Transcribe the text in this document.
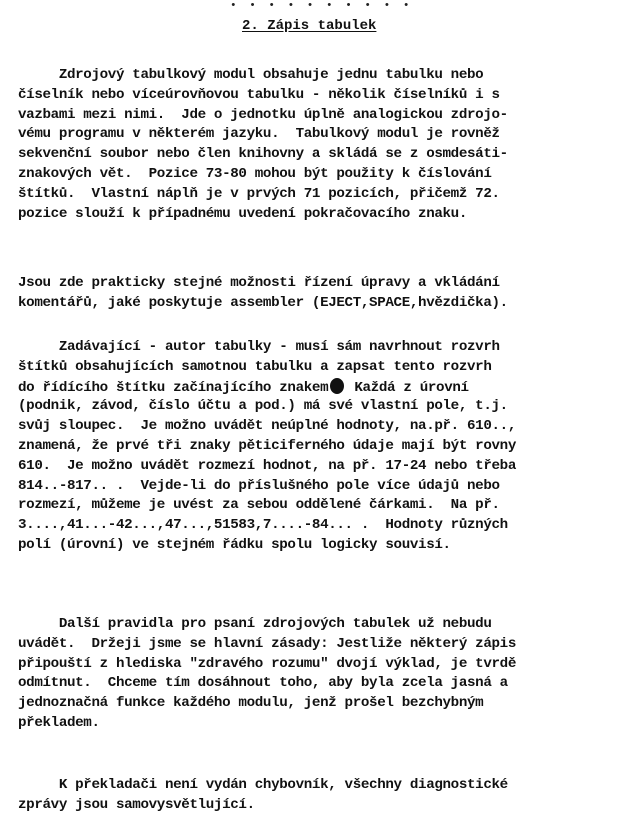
• • • • • • • • • •
2. Zápis tabulek
Zdrojový tabulkový modul obsahuje jednu tabulku nebo
číselník nebo víceúrovňovou tabulku - několik číselníků i s
vazbami mezi nimi.  Jde o jednotku úplně analogickou zdrojo-
vému programu v některém jazyku.  Tabulkový modul je rovněž
sekvenční soubor nebo člen knihovny a skládá se z osmdesáti-
znakových vět.  Pozice 73-80 mohou být použity k číslování
štítků.  Vlastní náplň je v prvých 71 pozicích, přičemž 72.
pozice slouží k případnému uvedení pokračovacího znaku.
Jsou zde prakticky stejné možnosti řízení úpravy a vkládání
komentářů, jaké poskytuje assembler (EJECT,SPACE,hvězdička).
Zadávající - autor tabulky - musí sám navrhnout rozvrh
štítků obsahujících samotnou tabulku a zapsat tento rozvrh
do řídícího štítku začínajícího znakem Každá z úrovní
(podnik, závod, číslo účtu a pod.) má své vlastní pole, t.j.
svůj sloupec.  Je možno uvádět neúplné hodnoty, na.př. 610..,
znamená, že prvé tři znaky pěticiferného údaje mají být rovny
610.  Je možno uvádět rozmezí hodnot, na př. 17-24 nebo třeba
814..-817.. .  Vejde-li do příslušného pole více údajů nebo
rozmezí, můžeme je uvést za sebou oddělené čárkami.  Na př.
3....,41...-42...,47...,51583,7....-84... .  Hodnoty různých
polí (úrovní) ve stejném řádku spolu logicky souvisí.
Další pravidla pro psaní zdrojových tabulek už nebudu
uvádět.  Držeji jsme se hlavní zásady: Jestliže některý zápis
připouští z hlediska "zdravého rozumu" dvojí výklad, je tvrdě
odmítnut.  Chceme tím dosáhnout toho, aby byla zcela jasná a
jednoznačná funkce každého modulu, jenž prošel bezchybným
překladem.
K překladači není vydán chybovník, všechny diagnostické
zprávy jsou samovysvětlující.
